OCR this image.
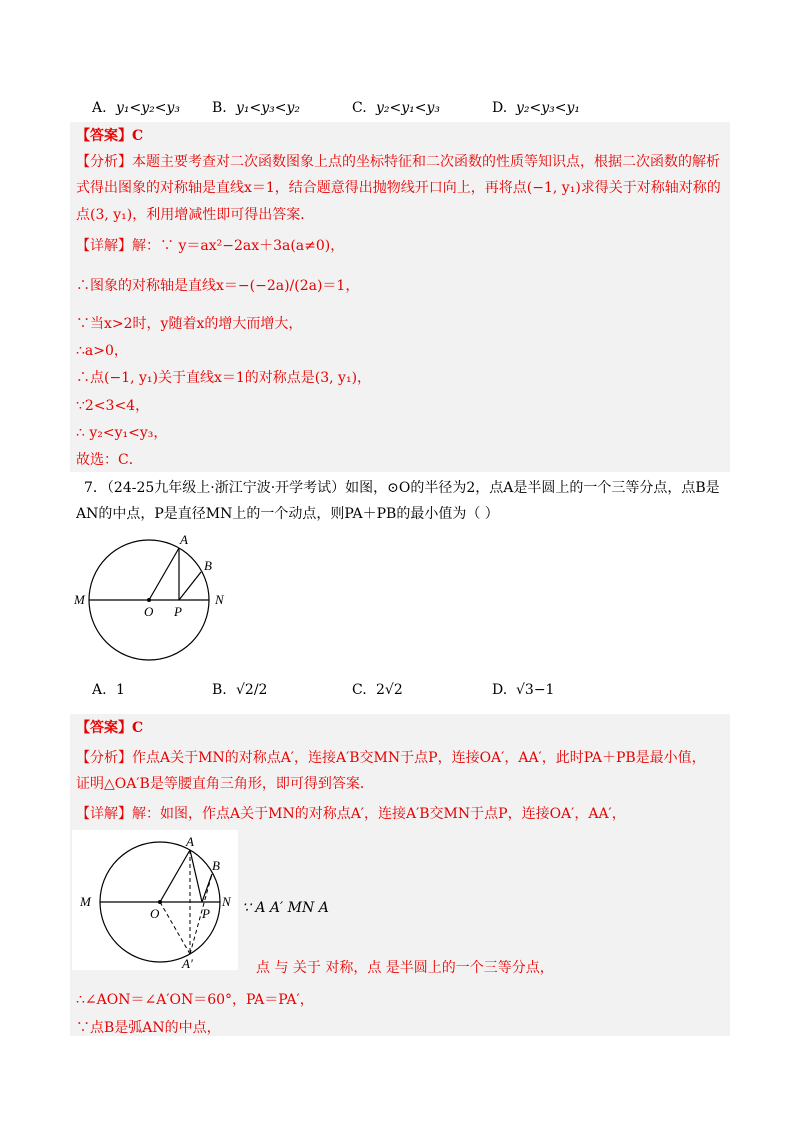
A. y₁<y₂<y₃ B. y₁<y₃<y₂	C. y₂<y₁<y₃	D. y₂<y₃<y₁
【答案】C
【分析】本题主要考查对二次函数图象上点的坐标特征和二次函数的性质等知识点，根据二次函数的解析
式得出图象的对称轴是直线x＝1，结合题意得出抛物线开口向上，再将点(−1, y₁)求得关于对称轴对称的
点(3, y₁)，利用增减性即可得出答案．
【详解】解：∵ y＝ax²−2ax＋3a(a≠0)，
∴图象的对称轴是直线x＝−(−2a)/(2a)＝1，
∵当x>2时，y随着x的增大而增大，
∴a>0，
∴点(−1, y₁)关于直线x＝1的对称点是(3, y₁)，
∵2<3<4，
∴ y₂<y₁<y₃，
故选：C．
7．（24-25九年级上·浙江宁波·开学考试）如图，⊙O的半径为2，点A是半圆上的一个三等分点，点B是
AN的中点，P是直径MN上的一个动点，则PA＋PB的最小值为（ ）
A
B
M	N
O P
A. 1	B. √2/2	C. 2√2	D. √3−1
【答案】C
【分析】作点A关于MN的对称点A′，连接A′B交MN于点P，连接OA′，AA′，此时PA＋PB是最小值，
证明△OA′B是等腰直角三角形，即可得到答案．
【详解】解：如图，作点A关于MN的对称点A′，连接A′B交MN于点P，连接OA′，AA′，
A
B
M	N
O	P
A′
∵ A A′ MN A
点 与 关于 对称，点 是半圆上的一个三等分点，
∴∠AON＝∠A′ON＝60°，PA＝PA′，
∵点B是弧AN的中点，
